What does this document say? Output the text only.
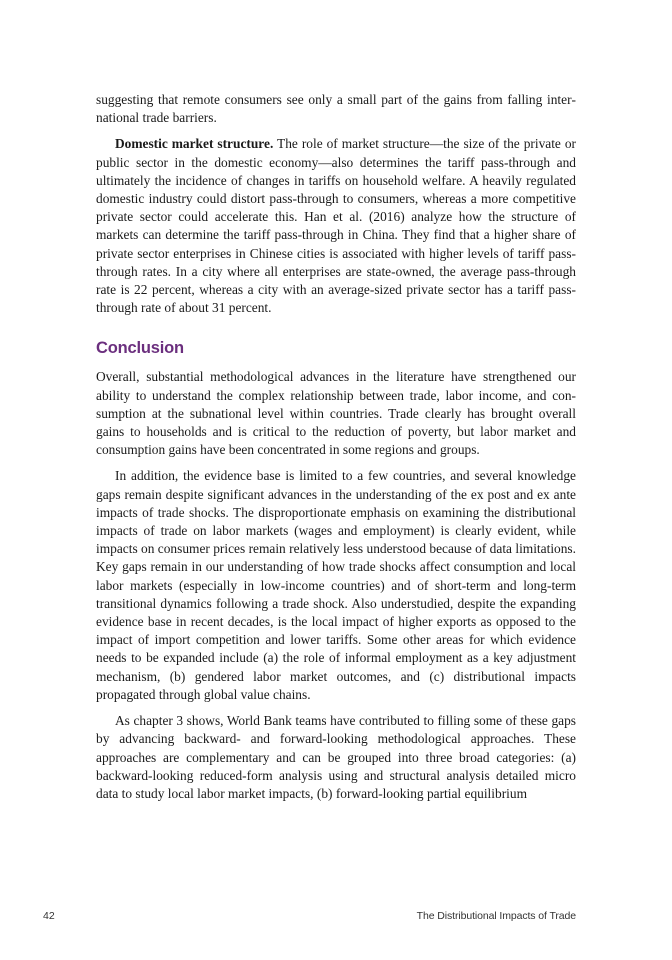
suggesting that remote consumers see only a small part of the gains from falling international trade barriers.

Domestic market structure. The role of market structure—the size of the private or public sector in the domestic economy—also determines the tariff pass-through and ultimately the incidence of changes in tariffs on household welfare. A heavily regulated domestic industry could distort pass-through to consumers, whereas a more competitive private sector could accelerate this. Han et al. (2016) analyze how the structure of markets can determine the tariff pass-through in China. They find that a higher share of private sector enterprises in Chinese cities is associated with higher levels of tariff pass-through rates. In a city where all enterprises are state-owned, the average pass-through rate is 22 percent, whereas a city with an average-sized private sector has a tariff pass-through rate of about 31 percent.

Conclusion

Overall, substantial methodological advances in the literature have strengthened our ability to understand the complex relationship between trade, labor income, and consumption at the subnational level within countries. Trade clearly has brought overall gains to households and is critical to the reduction of poverty, but labor market and consumption gains have been concentrated in some regions and groups.

In addition, the evidence base is limited to a few countries, and several knowledge gaps remain despite significant advances in the understanding of the ex post and ex ante impacts of trade shocks. The disproportionate emphasis on examining the distributional impacts of trade on labor markets (wages and employment) is clearly evident, while impacts on consumer prices remain relatively less understood because of data limitations. Key gaps remain in our understanding of how trade shocks affect consumption and local labor markets (especially in low-income countries) and of short-term and long-term transitional dynamics following a trade shock. Also understudied, despite the expanding evidence base in recent decades, is the local impact of higher exports as opposed to the impact of import competition and lower tariffs. Some other areas for which evidence needs to be expanded include (a) the role of informal employment as a key adjustment mechanism, (b) gendered labor market outcomes, and (c) distributional impacts propagated through global value chains.

As chapter 3 shows, World Bank teams have contributed to filling some of these gaps by advancing backward- and forward-looking methodological approaches. These approaches are complementary and can be grouped into three broad categories: (a) backward-looking reduced-form analysis using and structural analysis detailed micro data to study local labor market impacts, (b) forward-looking partial equilibrium

42	The Distributional Impacts of Trade
